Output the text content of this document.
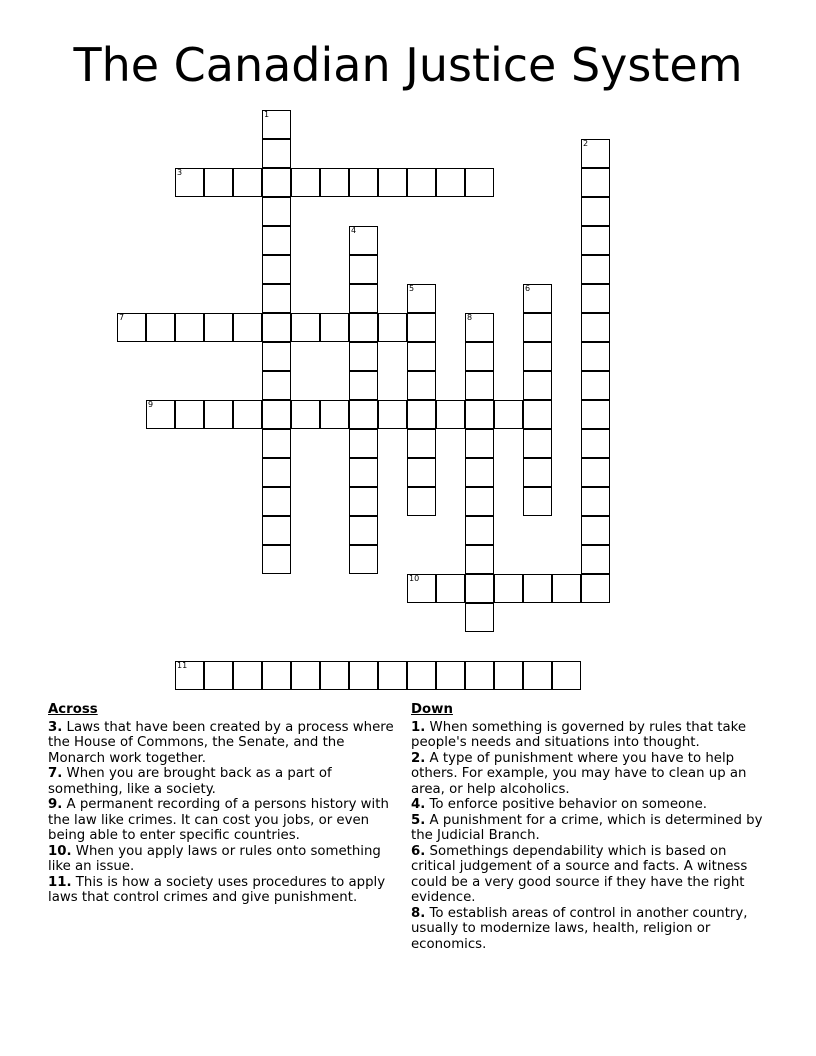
The Canadian Justice System
1
2
3
4
5	6
7	8
9
10
11
Across

3. Laws that have been created by a process where the House of Commons, the Senate, and the Monarch work together.

7. When you are brought back as a part of something, like a society.

9. A permanent recording of a persons history with the law like crimes. It can cost you jobs, or even being able to enter specific countries.

10. When you apply laws or rules onto something like an issue.

11. This is how a society uses procedures to apply laws that control crimes and give punishment.

Down

1. When something is governed by rules that take people's needs and situations into thought.

2. A type of punishment where you have to help others. For example, you may have to clean up an area, or help alcoholics.

4. To enforce positive behavior on someone.

5. A punishment for a crime, which is determined by the Judicial Branch.

6. Somethings dependability which is based on critical judgement of a source and facts. A witness could be a very good source if they have the right evidence.

8. To establish areas of control in another country, usually to modernize laws, health, religion or economics.
